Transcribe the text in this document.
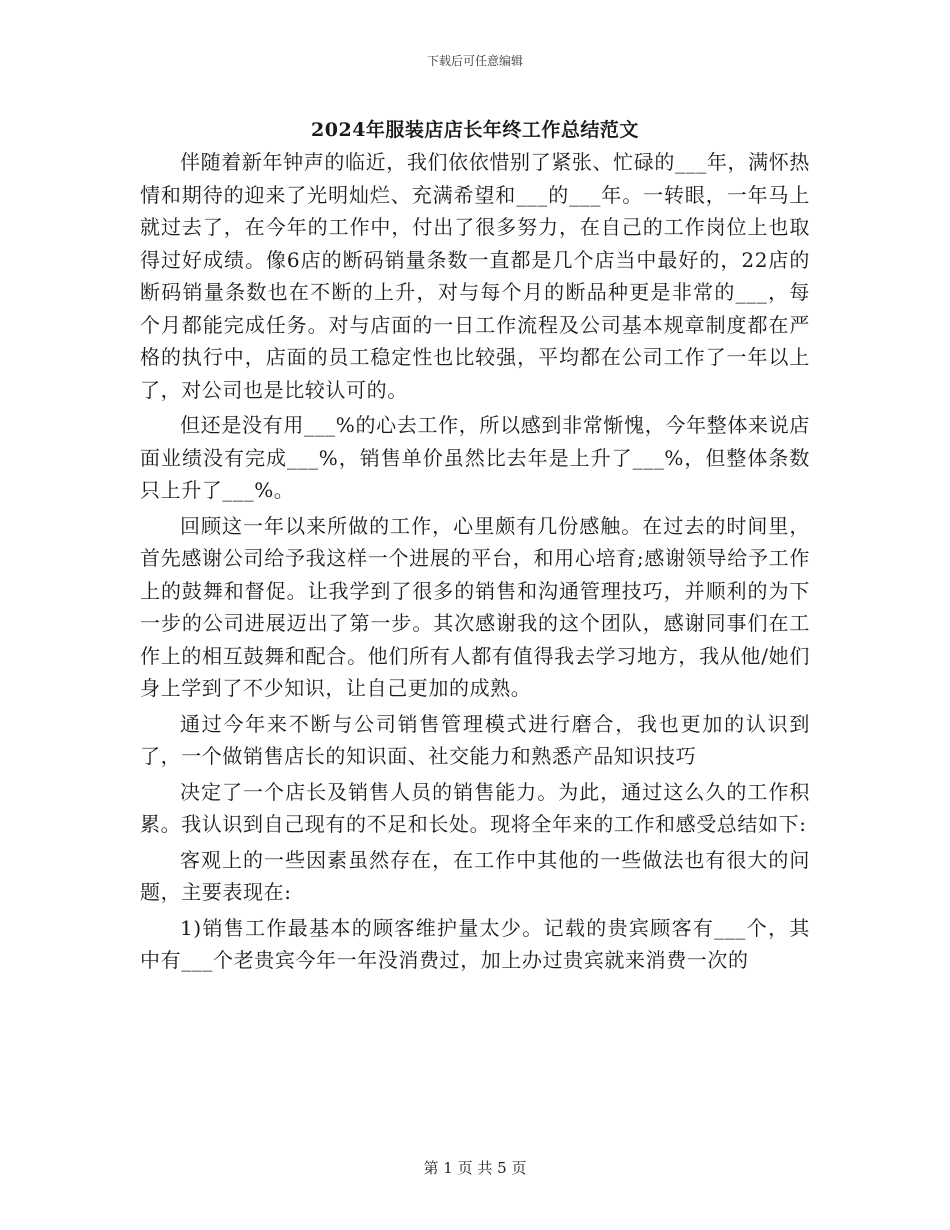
下载后可任意编辑
2024年服装店店长年终工作总结范文

伴随着新年钟声的临近，我们依依惜别了紧张、忙碌的___年，满怀热情和期待的迎来了光明灿烂、充满希望和___的___年。一转眼，一年马上就过去了，在今年的工作中，付出了很多努力，在自己的工作岗位上也取得过好成绩。像6店的断码销量条数一直都是几个店当中最好的，22店的断码销量条数也在不断的上升，对与每个月的断品种更是非常的___，每个月都能完成任务。对与店面的一日工作流程及公司基本规章制度都在严格的执行中，店面的员工稳定性也比较强，平均都在公司工作了一年以上了，对公司也是比较认可的。

但还是没有用___%的心去工作，所以感到非常惭愧，今年整体来说店面业绩没有完成___%，销售单价虽然比去年是上升了___%，但整体条数只上升了___%。

回顾这一年以来所做的工作，心里颇有几份感触。在过去的时间里，首先感谢公司给予我这样一个进展的平台，和用心培育;感谢领导给予工作上的鼓舞和督促。让我学到了很多的销售和沟通管理技巧，并顺利的为下一步的公司进展迈出了第一步。其次感谢我的这个团队，感谢同事们在工作上的相互鼓舞和配合。他们所有人都有值得我去学习地方，我从他/她们身上学到了不少知识，让自己更加的成熟。

通过今年来不断与公司销售管理模式进行磨合，我也更加的认识到了，一个做销售店长的知识面、社交能力和熟悉产品知识技巧

决定了一个店长及销售人员的销售能力。为此，通过这么久的工作积累。我认识到自己现有的不足和长处。现将全年来的工作和感受总结如下:

客观上的一些因素虽然存在，在工作中其他的一些做法也有很大的问题，主要表现在:

1)销售工作最基本的顾客维护量太少。记载的贵宾顾客有___个，其中有___个老贵宾今年一年没消费过，加上办过贵宾就来消费一次的

第 1 页 共 5 页
